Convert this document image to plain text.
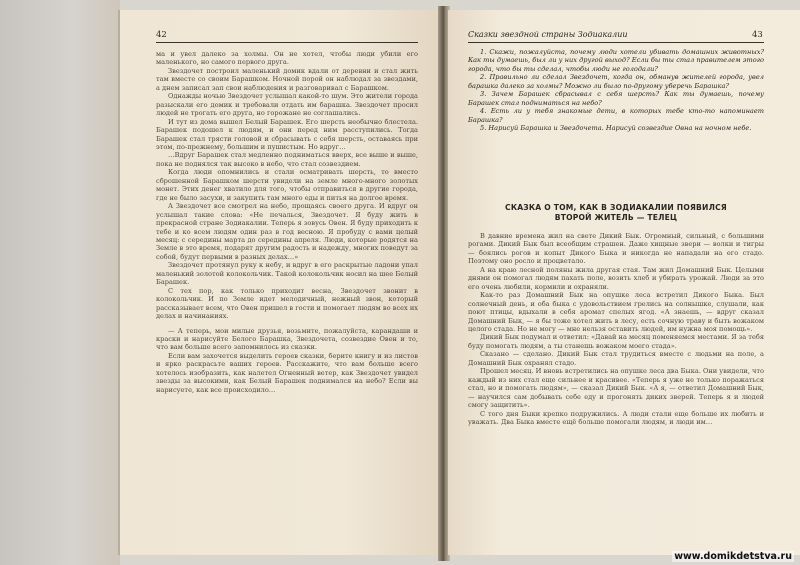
42

ма и увел далеко за холмы. Он не хотел, чтобы люди убили его маленького, но самого первого друга.

Звездочет построил маленький домик вдали от деревни и стал жить там вместе со своим Барашком. Ночной порой он наблюдал за звездами, а днем записал зап свои наблюдения и разговаривал с Барашком.

Однажды ночью Звездочет услышал какой-то шум. Это жители города разыскали его домик и требовали отдать им барашка. Звездочет просил людей не трогать его друга, но горожане не соглашались.

И тут из дома вышел Белый Барашек. Его шерсть необычно блестела. Барашек подошел к людям, и они перед ним расступились. Тогда Барашек стал трясти головой и сбрасывать с себя шерсть, оставаясь при этом, по-прежнему, большим и пушистым. Но вдруг…

…Вдруг Барашек стал медленно подниматься вверх, все выше и выше, пока не поднялся так высоко в небо, что стал созвездием.

Когда люди опомнились и стали осматривать шерсть, то вместо сброшенной Барашком шерсти увидели на земле много-много золотых монет. Этих денег хватило для того, чтобы отправиться в другие города, где не было засухи, и закупить там много еды и питья на долгое время.

А Звездочет все смотрел на небо, прощаясь своего друга. И вдруг он услышал такие слова: «Не печалься, Звездочет. Я буду жить в прекрасной стране Зодиакалии. Теперь я зовусь Овен. Я буду приходить к тебе и ко всем людям один раз в год весною. Я пробуду с вами целый месяц: с середины марта до середины апреля. Люди, которые родятся на Земле в это время, подарят другим радость и надежду, многих поведут за собой, будут первыми в разных делах…»

Звездочет протянул руку к небу, и вдруг в его раскрытые ладони упал маленький золотой колокольчик. Такой колокольчик носил на шее Белый Барашек.

С тех пор, как только приходит весна, Звездочет звонит в колокольчик. И по Земле идет мелодичный, нежный звон, который рассказывает всем, что Овен пришел в гости и помогает людям во всех их делах и начинаниях.

— А теперь, мои милые друзья, возьмите, пожалуйста, карандаши и краски и нарисуйте Белого Барашка, Звездочета, созвездие Овен и то, что вам больше всего запомнилось из сказки.

Если вам захочется выделить героев сказки, берите книгу и из листов и ярко раскрасьте ваших героев. Расскажите, что вам больше всего хотелось изобразить, как налетел Огненный ветер, как Звездочет увидел звезды за высокими, как Белый Барашек поднимался на небо? Если вы нарисуете, как все происходило…

Сказки звездной страны Зодиакалии	43

1. Скажи, пожалуйста, почему люди хотели убивать домашних животных? Как ты думаешь, был ли у них другой выход? Если бы ты стал правителем этого города, что бы ты сделал, чтобы люди не голодали?

2. Правильно ли сделал Звездочет, когда он, обманув жителей города, увел барашка далеко за холмы? Можно ли было по-другому уберечь Барашка?

3. Зачем Барашек сбрасывал с себя шерсть? Как ты думаешь, почему Барашек стал подниматься на небо?

4. Есть ли у тебя знакомые дети, в которых тебе кто-то напоминает Барашка?

5. Нарисуй Барашка и Звездочета. Нарисуй созвездие Овна на ночном небе.

СКАЗКА О ТОМ, КАК В ЗОДИАКАЛИИ ПОЯВИЛСЯ ВТОРОЙ ЖИТЕЛЬ — ТЕЛЕЦ

В давние времена жил на свете Дикий Бык. Огромный, сильный, с большими рогами. Дикий Бык был всеобщим страшен. Даже хищные звери — волки и тигры — боялись рогов и копыт Дикого Быка и никогда не нападали на его стадо. Поэтому оно росло и процветало.

А на краю лесной поляны жила другая стая. Там жил Домашний Бык. Целыми днями он помогал людям пахать поле, возить хлеб и убирать урожай. Люди за это его очень любили, кормили и охраняли.

Как-то раз Домашний Бык на опушке леса встретил Дикого Быка. Был солнечный день, и оба быка с удовольствием грелись на солнышке, слушали, как поют птицы, вдыхали в себя аромат спелых ягод. «А знаешь, — вдруг сказал Домашний Бык, — я бы тоже хотел жить в лесу, есть сочную траву и быть вожаком целого стада. Но не могу — мне нельзя оставить людей, им нужна моя помощь».

Дикий Бык подумал и ответил: «Давай на месяц поменяемся местами. Я за тебя буду помогать людям, а ты станешь вожаком моего стада».

Сказано — сделано. Дикий Бык стал трудиться вместе с людьми на поле, а Домашний Бык охранял стадо.

Прошел месяц. И вновь встретились на опушке леса два Быка. Они увидели, что каждый из них стал еще сильнее и красивее. «Теперь я уже не только поражаться стал, но и помогать людям», — сказал Дикий Бык. «А я, — ответил Домашний Бык, — научился сам добывать себе еду и прогонять диких зверей. Теперь я и людей смогу защитить».

С того дня Быки крепко подружились. А люди стали еще больше их любить и уважать. Два Быка вместе ещё больше помогали людям, и люди им…

www.domikdetstva.ru
